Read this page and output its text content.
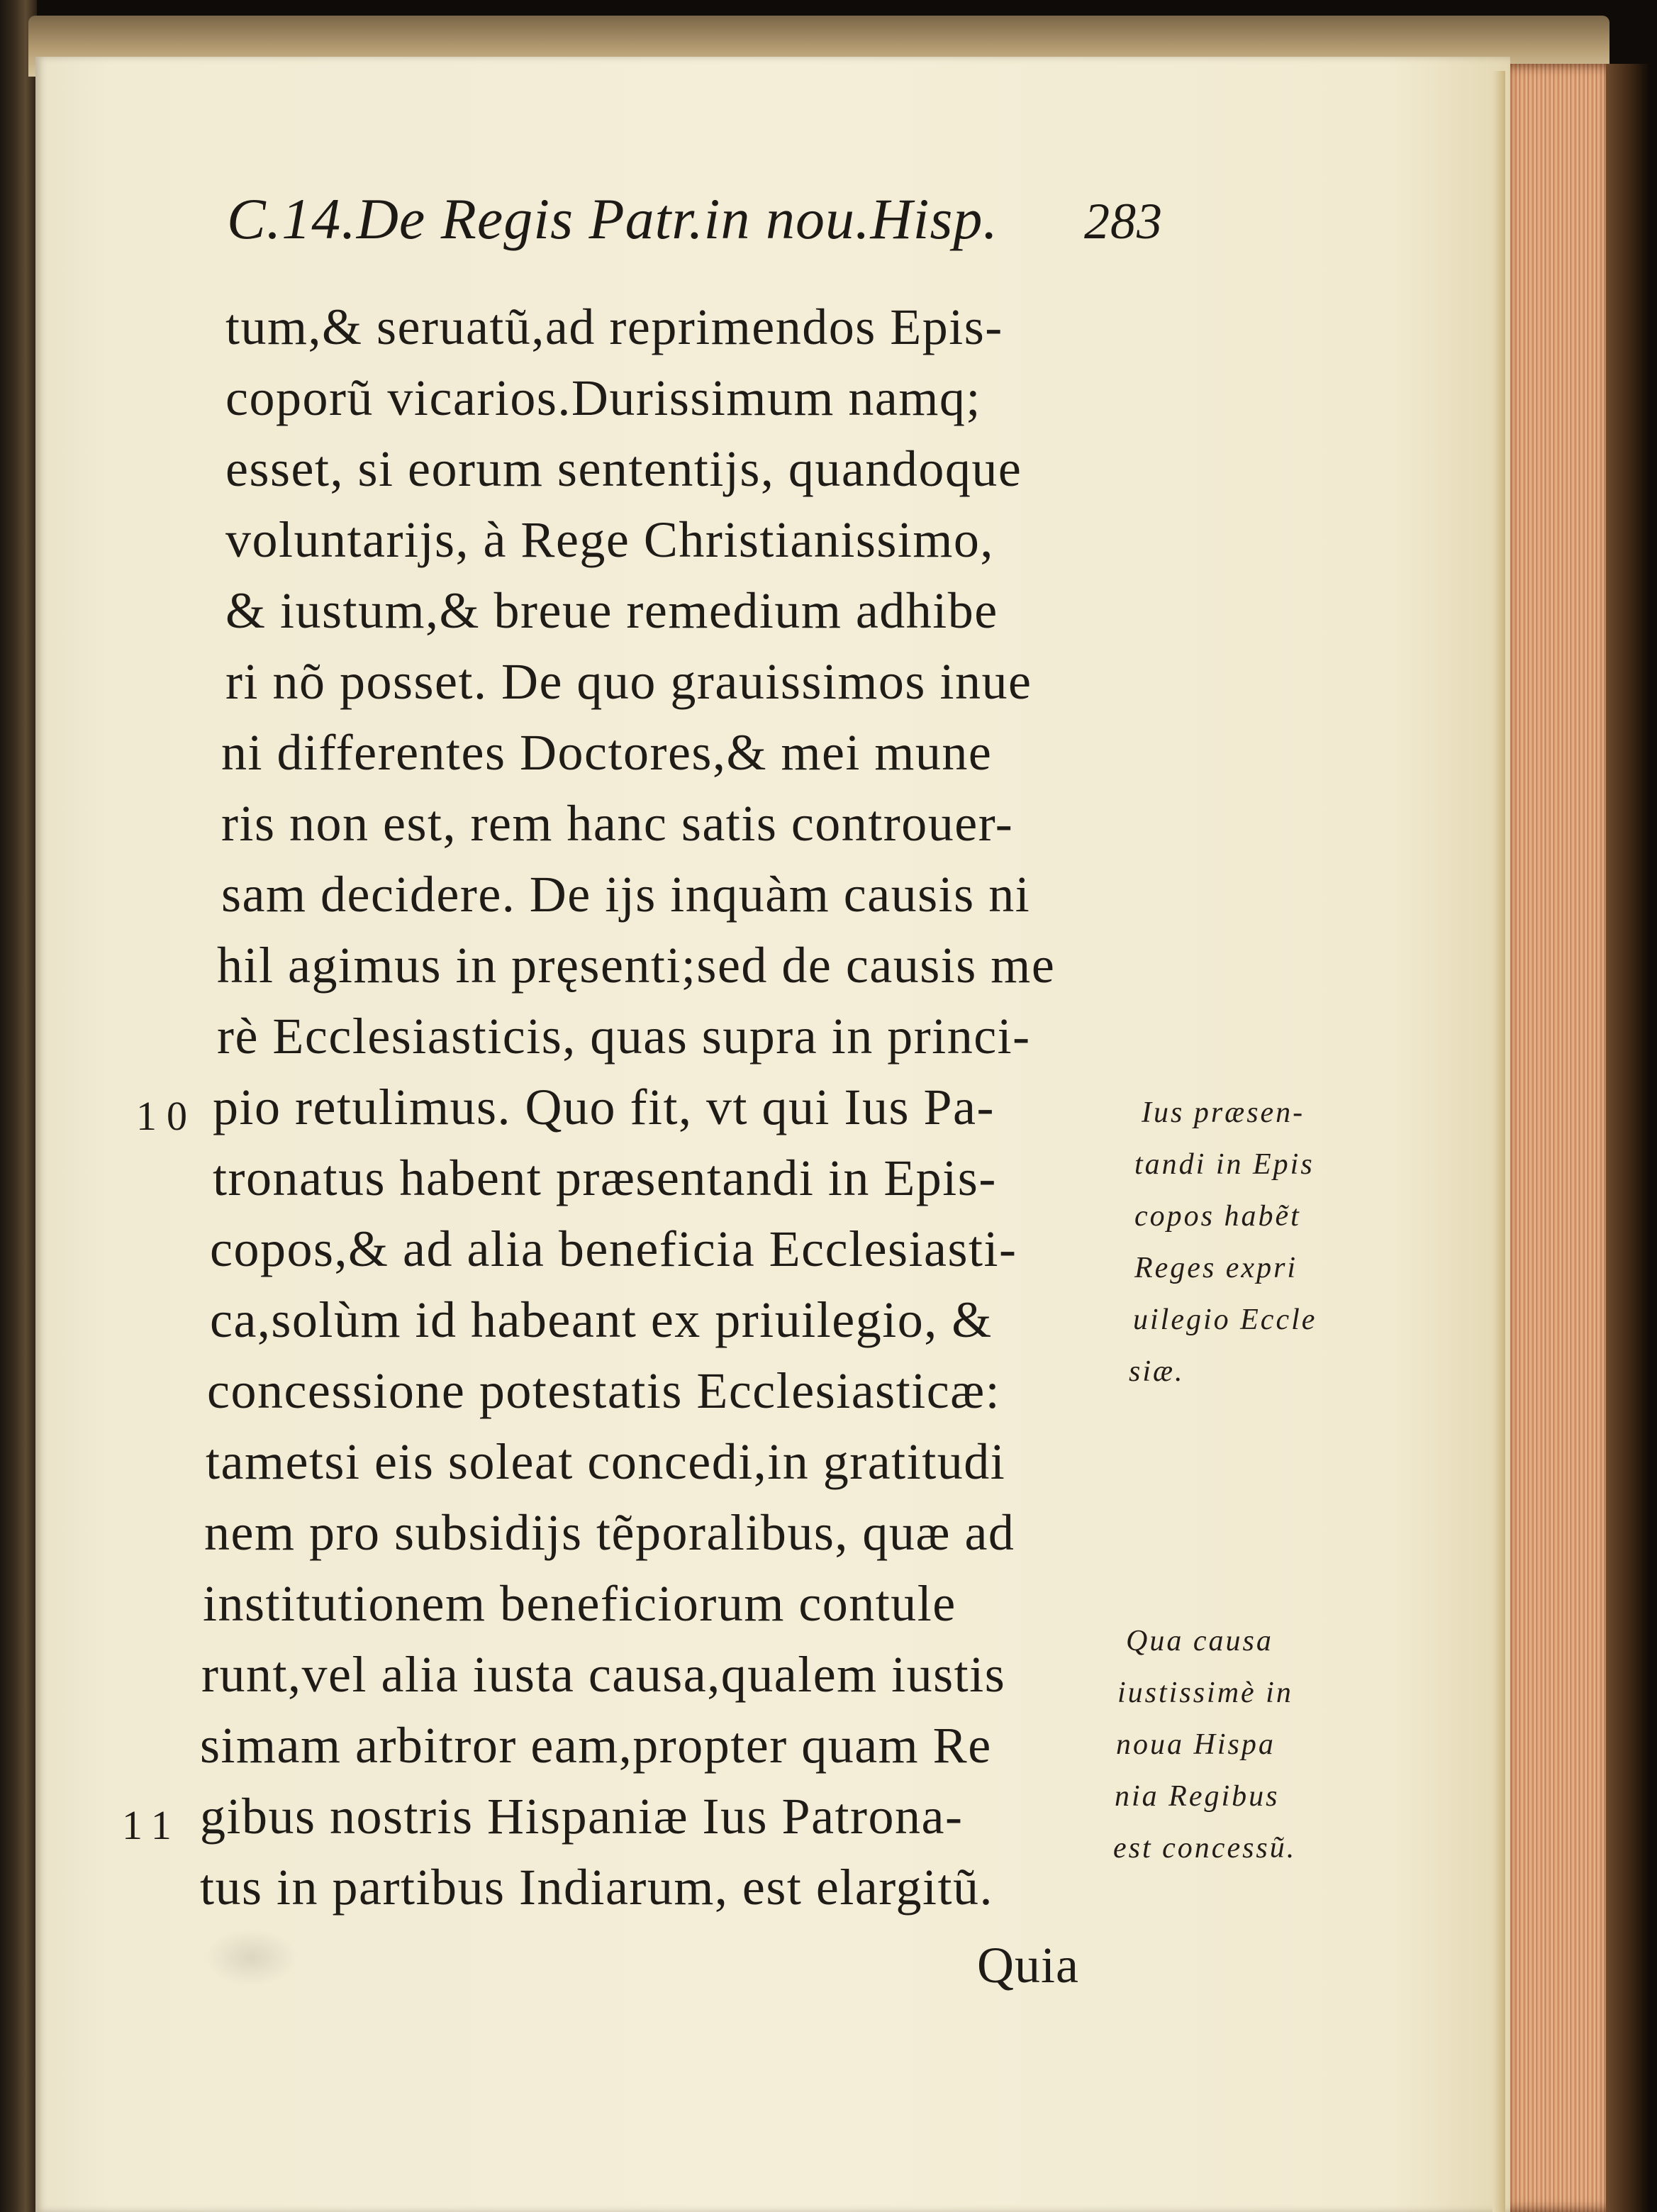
C.14.De Regis Patr.in nou.Hisp. 283
tum,& seruatũ,ad reprimendos Epis-
coporũ vicarios.Durissimum namq;
esset, si eorum sententijs, quandoque
voluntarijs, à Rege Christianissimo,
& iustum,& breue remedium adhibe
ri nõ posset. De quo grauissimos inue
ni differentes Doctores,& mei mune
ris non est, rem hanc satis controuer-
sam decidere. De ijs inquàm causis ni
hil agimus in pręsenti;sed de causis me
rè Ecclesiasticis, quas supra in princi-
pio retulimus. Quo fit, vt qui Ius Pa-
tronatus habent præsentandi in Epis-
copos,& ad alia beneficia Ecclesiasti-
ca,solùm id habeant ex priuilegio, &
concessione potestatis Ecclesiasticæ:
tametsi eis soleat concedi,in gratitudi
nem pro subsidijs tẽporalibus, quæ ad
institutionem beneficiorum contule
runt,vel alia iusta causa,qualem iustis
simam arbitror eam,propter quam Re
gibus nostris Hispaniæ Ius Patrona-
tus in partibus Indiarum, est elargitũ.
10
11
Ius præsen-
tandi in Epis
copos habẽt
Reges expri
uilegio Eccle
siæ.
Qua causa
iustissimè in
noua Hispa
nia Regibus
est concessũ.
Quia
